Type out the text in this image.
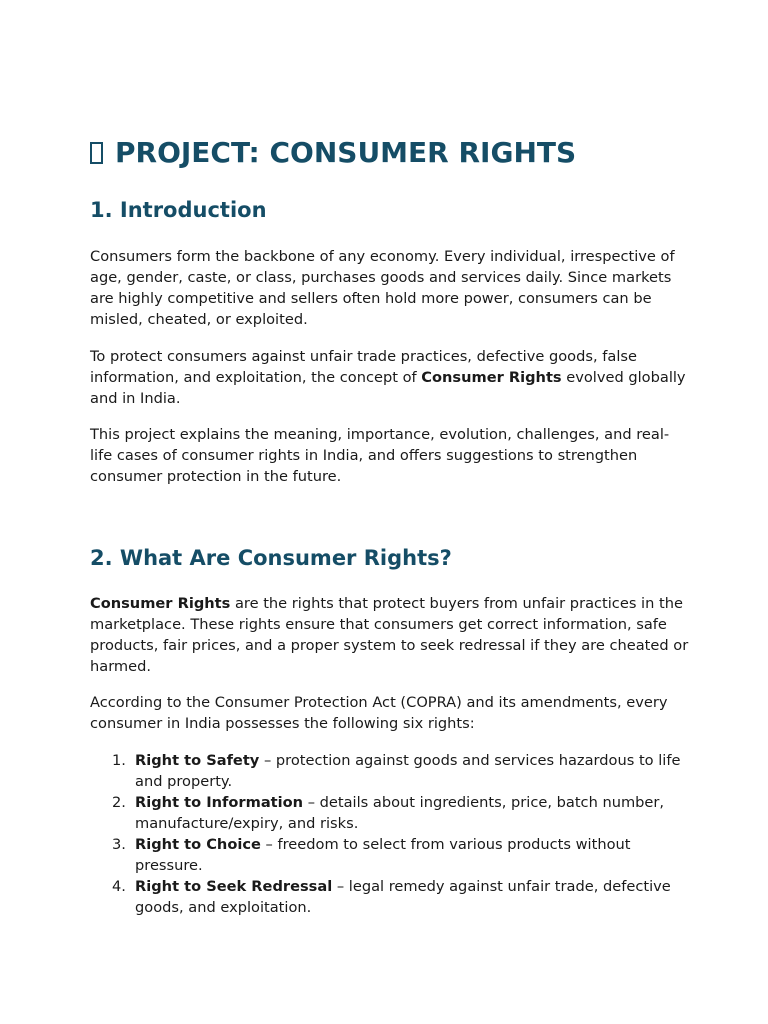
PROJECT: CONSUMER RIGHTS
1. Introduction

Consumers form the backbone of any economy. Every individual, irrespective of age, gender, caste, or class, purchases goods and services daily. Since markets are highly competitive and sellers often hold more power, consumers can be misled, cheated, or exploited.

To protect consumers against unfair trade practices, defective goods, false information, and exploitation, the concept of Consumer Rights evolved globally and in India.

This project explains the meaning, importance, evolution, challenges, and real-life cases of consumer rights in India, and offers suggestions to strengthen consumer protection in the future.

2. What Are Consumer Rights?

Consumer Rights are the rights that protect buyers from unfair practices in the marketplace. These rights ensure that consumers get correct information, safe products, fair prices, and a proper system to seek redressal if they are cheated or harmed.

According to the Consumer Protection Act (COPRA) and its amendments, every consumer in India possesses the following six rights:

1. Right to Safety – protection against goods and services hazardous to life and property.
2. Right to Information – details about ingredients, price, batch number, manufacture/expiry, and risks.
3. Right to Choice – freedom to select from various products without pressure.
4. Right to Seek Redressal – legal remedy against unfair trade, defective goods, and exploitation.
